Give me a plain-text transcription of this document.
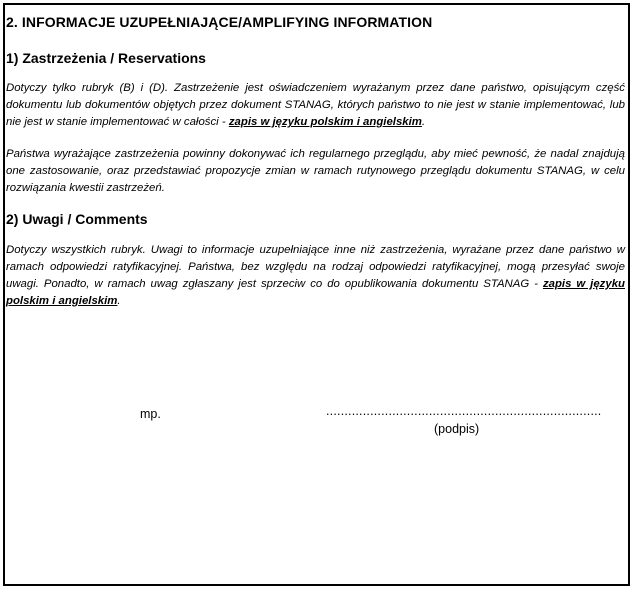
2. INFORMACJE UZUPEŁNIAJĄCE/AMPLIFYING INFORMATION
1) Zastrzeżenia / Reservations
Dotyczy tylko rubryk (B) i (D). Zastrzeżenie jest oświadczeniem wyrażanym przez dane państwo, opisującym część dokumentu lub dokumentów objętych przez dokument STANAG, których państwo to nie jest w stanie implementować, lub nie jest w stanie implementować w całości - zapis w języku polskim i angielskim.
Państwa wyrażające zastrzeżenia powinny dokonywać ich regularnego przeglądu, aby mieć pewność, że nadal znajdują one zastosowanie, oraz przedstawiać propozycje zmian w ramach rutynowego przeglądu dokumentu STANAG, w celu rozwiązania kwestii zastrzeżeń.
2) Uwagi / Comments
Dotyczy wszystkich rubryk. Uwagi to informacje uzupełniające inne niż zastrzeżenia, wyrażane przez dane państwo w ramach odpowiedzi ratyfikacyjnej. Państwa, bez względu na rodzaj odpowiedzi ratyfikacyjnej, mogą przesyłać swoje uwagi. Ponadto, w ramach uwag zgłaszany jest sprzeciw co do opublikowania dokumentu STANAG - zapis w języku polskim i angielskim.
mp.	...........................................................................
(podpis)
